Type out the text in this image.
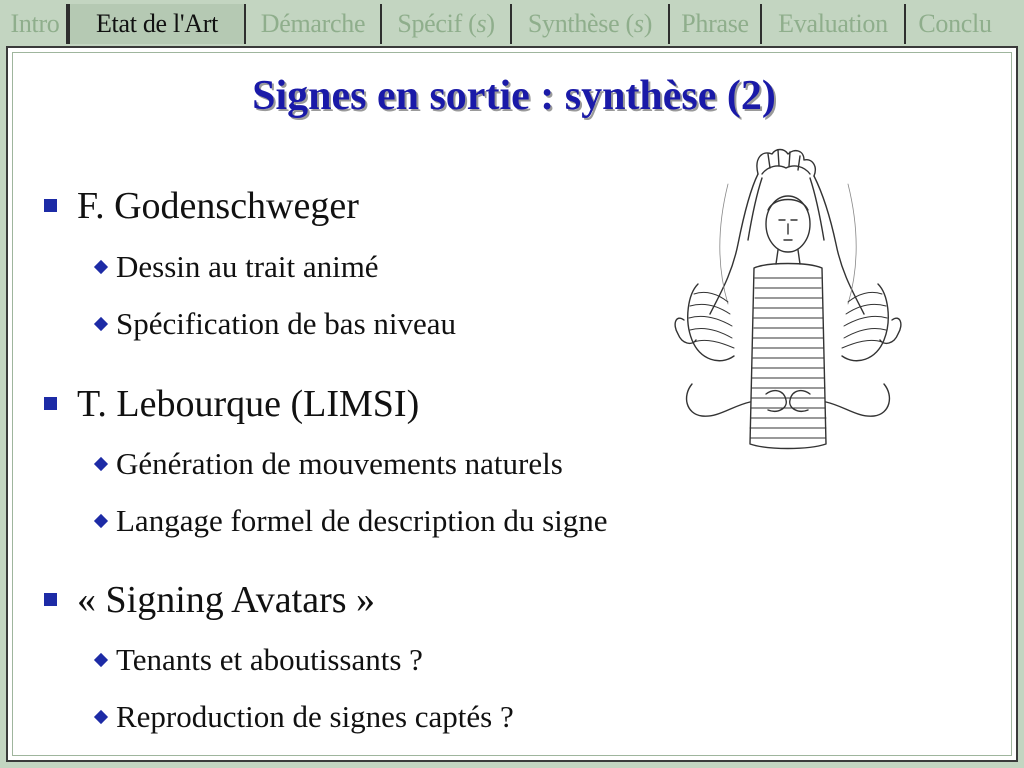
Intro Etat de l'Art Démarche Spécif ( s ) Synthèse ( s ) Phrase Evaluation Conclu
Signes en sortie : synthèse (2)
F. Godenschweger
Dessin au trait animé
Spécification de bas niveau
T. Lebourque (LIMSI)
Génération de mouvements naturels
Langage formel de description du signe
« Signing Avatars »
Tenants et aboutissants ?
Reproduction de signes captés ?
